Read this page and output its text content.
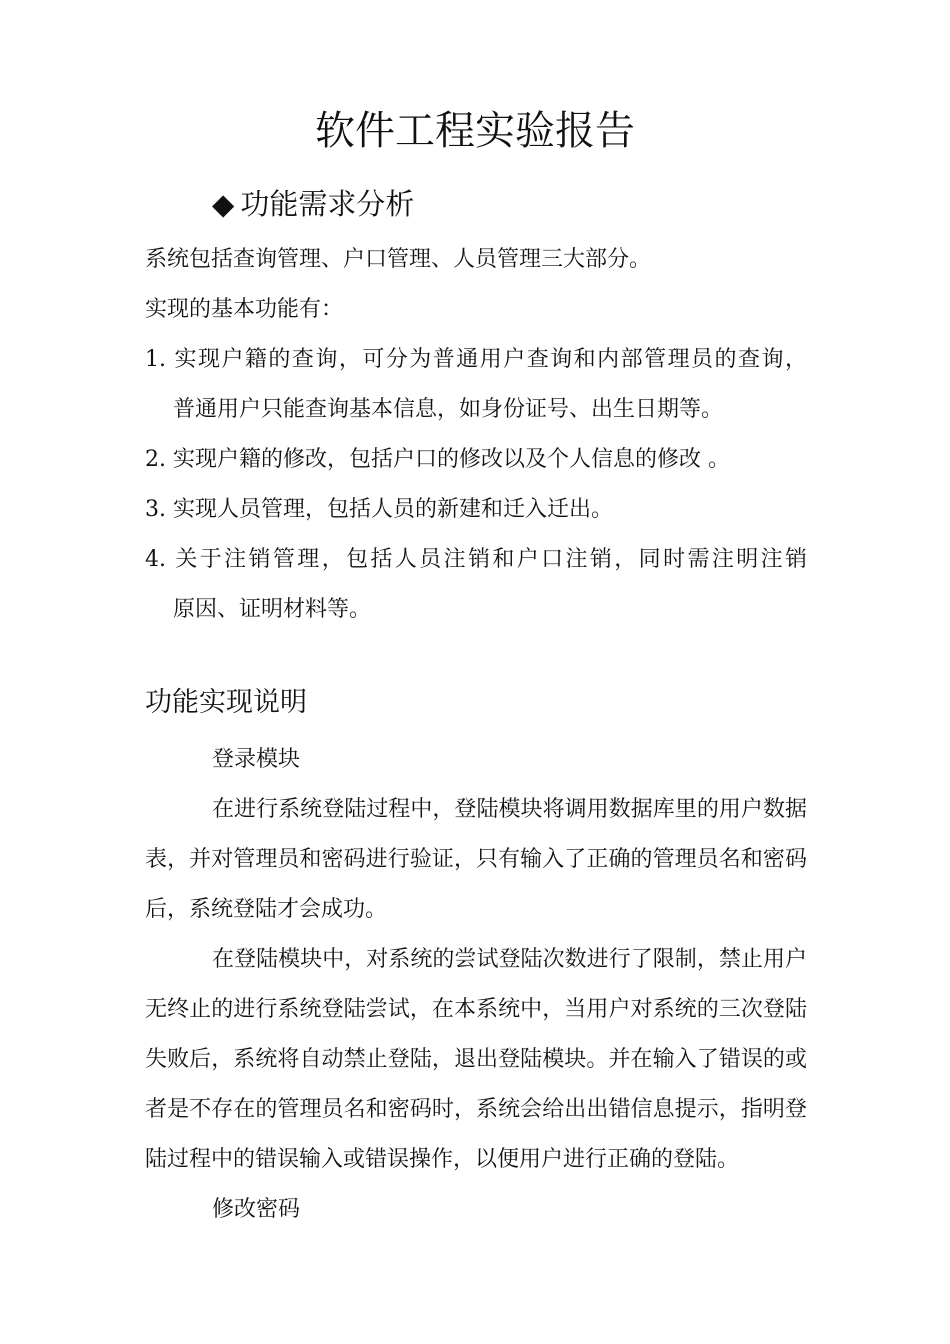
软件工程实验报告
◆ 功能需求分析
系统包括查询管理、户口管理、人员管理三大部分。
实现的基本功能有：
1. 实现户籍的查询，可分为普通用户查询和内部管理员的查询，
普通用户只能查询基本信息，如身份证号、出生日期等。
2. 实现户籍的修改，包括户口的修改以及个人信息的修改 。
3. 实现人员管理，包括人员的新建和迁入迁出。
4. 关于注销管理，包括人员注销和户口注销，同时需注明注销
原因、证明材料等。
功能实现说明
登录模块
在进行系统登陆过程中，登陆模块将调用数据库里的用户数据
表，并对管理员和密码进行验证，只有输入了正确的管理员名和密码
后，系统登陆才会成功。
在登陆模块中，对系统的尝试登陆次数进行了限制，禁止用户
无终止的进行系统登陆尝试，在本系统中，当用户对系统的三次登陆
失败后，系统将自动禁止登陆，退出登陆模块。并在输入了错误的或
者是不存在的管理员名和密码时，系统会给出出错信息提示，指明登
陆过程中的错误输入或错误操作，以便用户进行正确的登陆。
修改密码
